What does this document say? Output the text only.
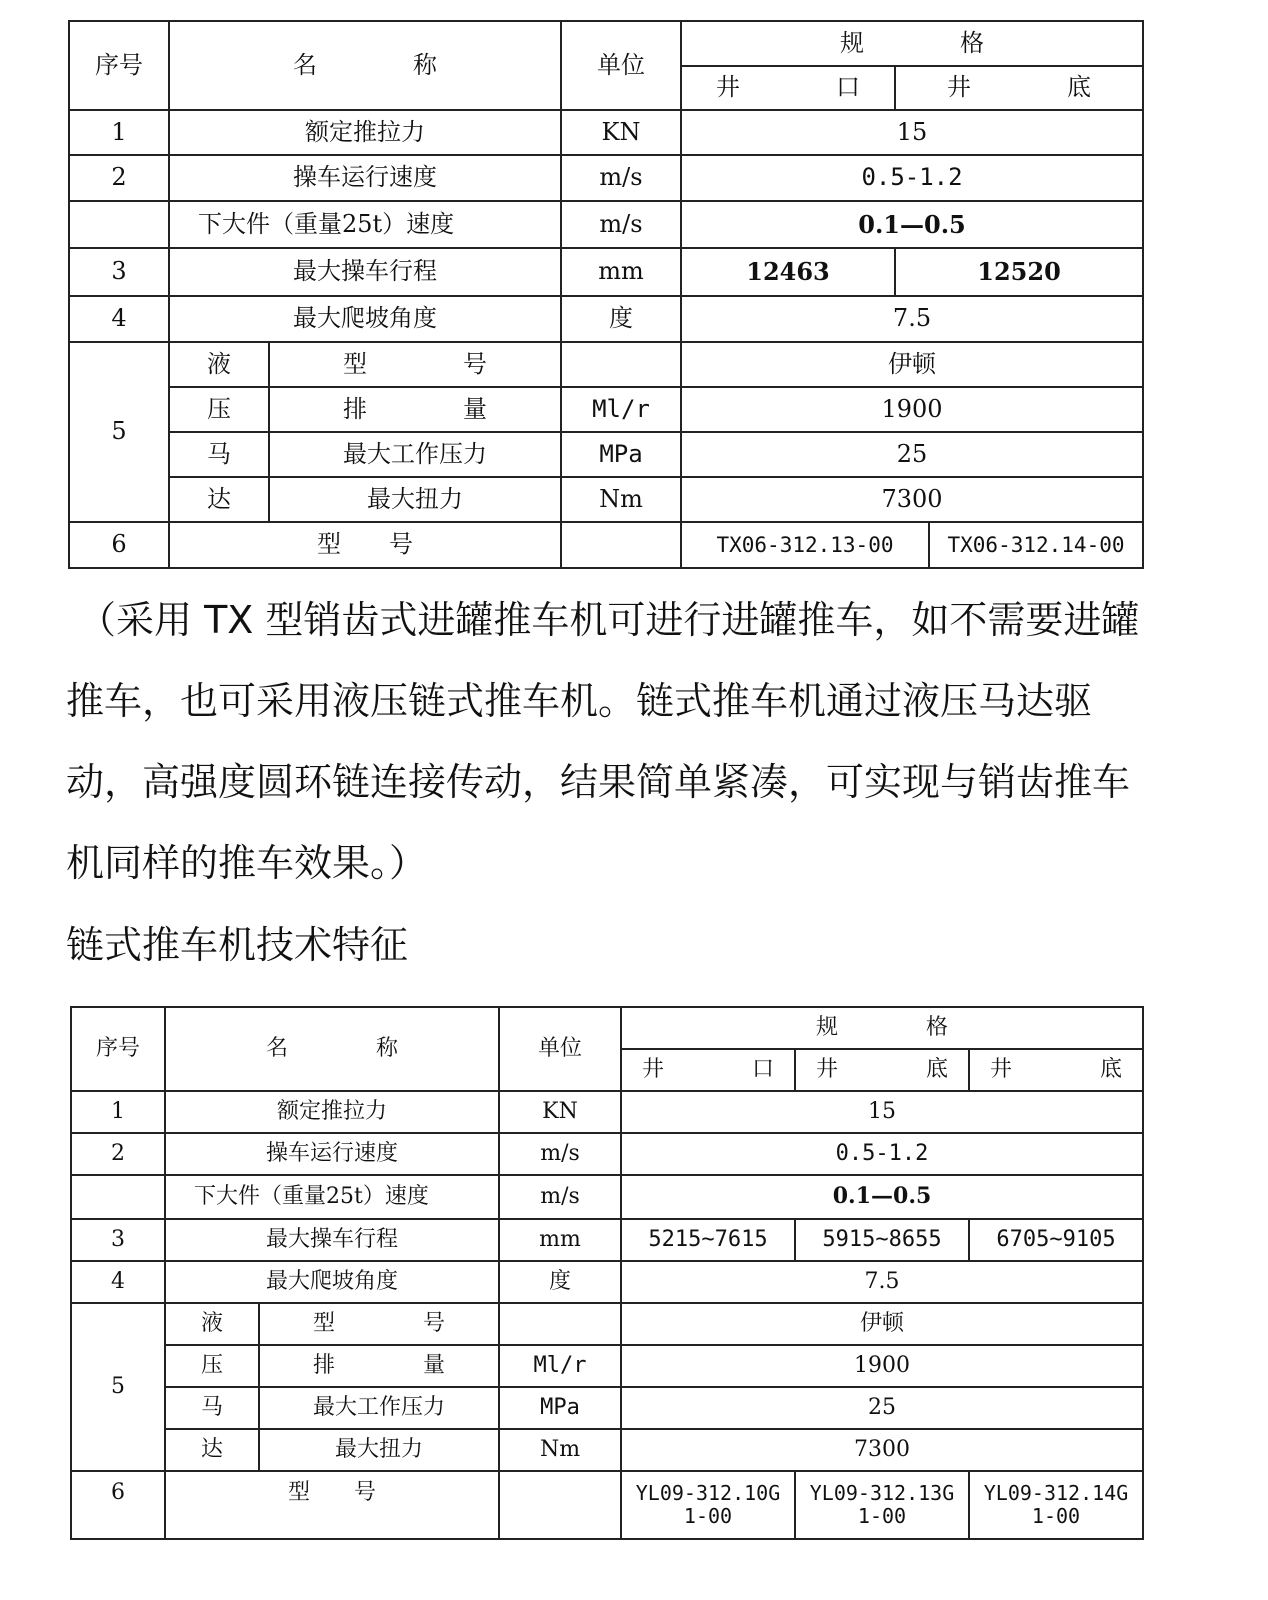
序号	名　　　　称		单位	规　　　　格		
				井　　　　口	井　　　　底	
1	额定推拉力		KN	15		
2	操车运行速度		m/s	0.5-1.2		
	下大件（重量25t）速度		m/s	0.1—0.5		
3	最大操车行程		mm	12463	12520	
4	最大爬坡角度		度	7.5		
5	液	型　　　　号		伊顿		
	压	排　　　　量	Ml/r	1900		
	马	最大工作压力	MPa	25		
	达	最大扭力	Nm	7300		
6	型　　号			TX06-312.13-00		TX06-312.14-00

（采用 TX 型销齿式进罐推车机可进行进罐推车，如不需要进罐推车，也可采用液压链式推车机。链式推车机通过液压马达驱动，高强度圆环链连接传动，结果简单紧凑，可实现与销齿推车机同样的推车效果。）

链式推车机技术特征

序号	名　　　　称		单位	规　　　　格		
				井　　　　口	井　　　　底	井　　　　底
1	额定推拉力		KN	15		
2	操车运行速度		m/s	0.5-1.2		
	下大件（重量25t）速度		m/s	0.1—0.5		
3	最大操车行程		mm	5215~7615	5915~8655	6705~9105
4	最大爬坡角度		度	7.5		
5	液	型　　　　号		伊顿		
	压	排　　　　量	Ml/r	1900		
	马	最大工作压力	MPa	25		
	达	最大扭力	Nm	7300		
6	型　　号			YL09-312.10G1-00	YL09-312.13G1-00	YL09-312.14G1-00
